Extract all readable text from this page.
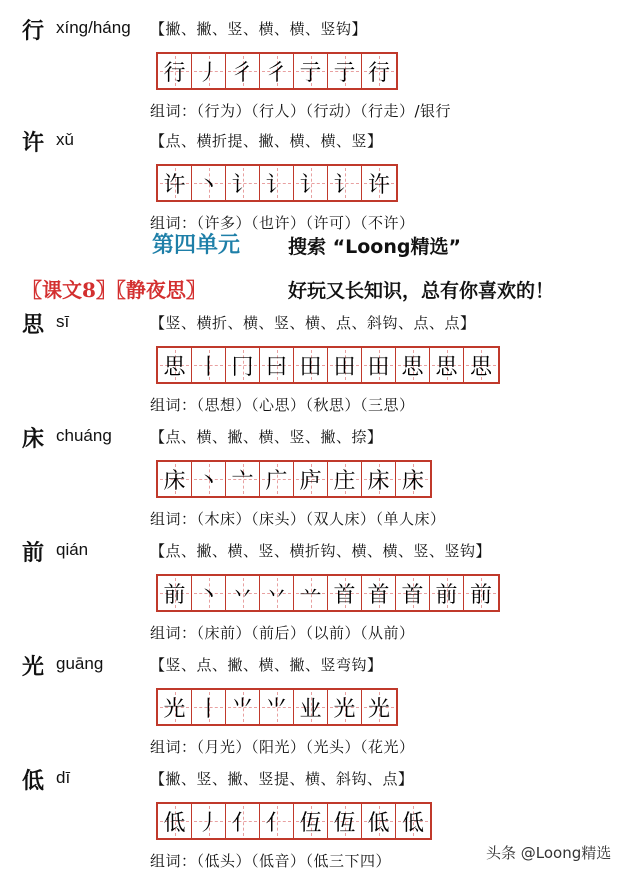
行 xíng/háng 【撇、撇、竖、横、横、竖钩】
行 丿 彳 彳 亍 亍 行
组词：（行为）（行人）（行动）（行走）/银行
许 xǔ	【点、横折提、撇、横、横、竖】
许 丶 讠 讠 讠 讠 许
组词：（许多）（也许）（许可）（不许）
第四单元	搜索 “Loong精选”
〖课文8〗〖静夜思〗	好玩又长知识，总有你喜欢的！
思 sī	【竖、横折、横、竖、横、点、斜钩、点、点】
思 丨 冂 曰 田 田 田 思 思 思
组词：（思想）（心思）（秋思）（三思）
床 chuáng	【点、横、撇、横、竖、撇、捺】
床 丶 亠 广 庐 庄 床 床
组词：（木床）（床头）（双人床）（单人床）
前 qián	【点、撇、横、竖、横折钩、横、横、竖、竖钩】
前 丶 丷 丷 䒑 首 首 首 前 前
组词：（床前）（前后）（以前）（从前）
光 guāng	【竖、点、撇、横、撇、竖弯钩】
光 丨 ⺌ ⺌ 业 光 光
组词：（月光）（阳光）（光头）（花光）
低 dī	【撇、竖、撇、竖提、横、斜钩、点】
低 丿 亻 亻 仾 仾 低 低
组词：（低头）（低音）（低三下四）	头条 @Loong精选
